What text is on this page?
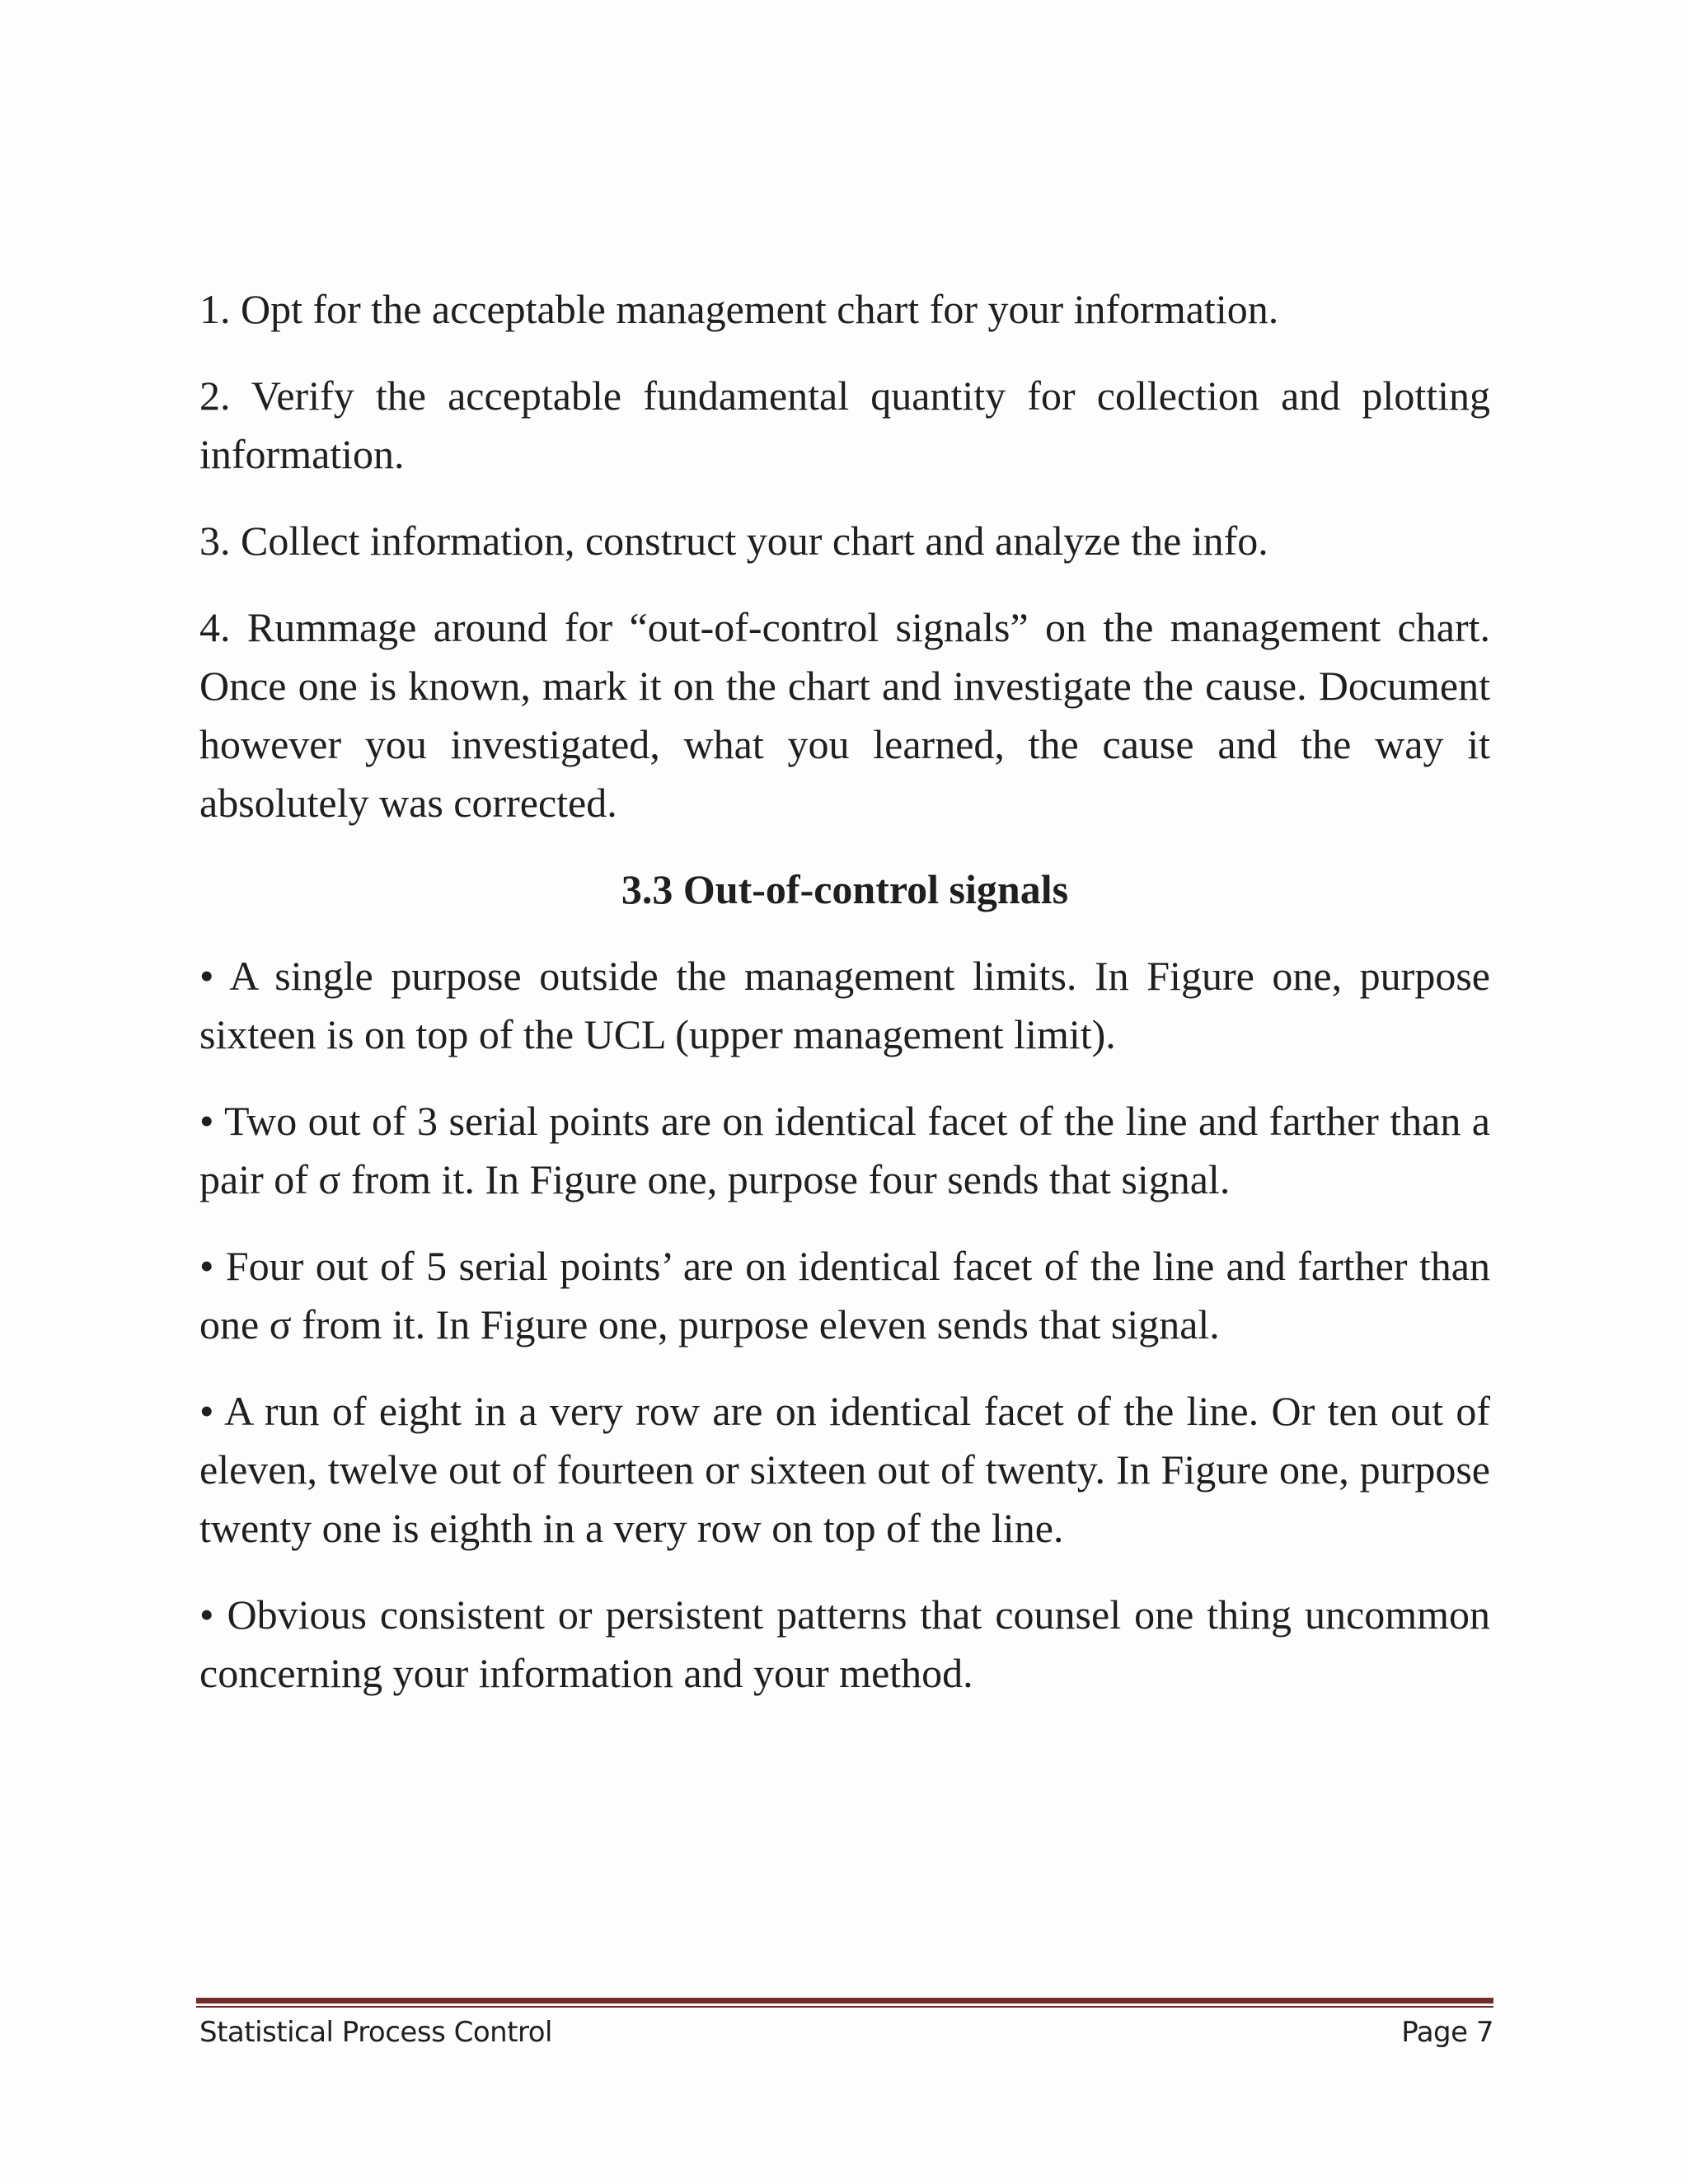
1. Opt for the acceptable management chart for your information.

2. Verify the acceptable fundamental quantity for collection and plotting information.

3. Collect information, construct your chart and analyze the info.

4. Rummage around for “out-of-control signals” on the management chart. Once one is known, mark it on the chart and investigate the cause. Document however you investigated, what you learned, the cause and the way it absolutely was corrected.

3.3 Out-of-control signals

• A single purpose outside the management limits. In Figure one, purpose sixteen is on top of the UCL (upper management limit).

• Two out of 3 serial points are on identical facet of the line and farther than a pair of σ from it. In Figure one, purpose four sends that signal.

• Four out of 5 serial points’ are on identical facet of the line and farther than one σ from it. In Figure one, purpose eleven sends that signal.

• A run of eight in a very row are on identical facet of the line. Or ten out of eleven, twelve out of fourteen or sixteen out of twenty. In Figure one, purpose twenty one is eighth in a very row on top of the line.

• Obvious consistent or persistent patterns that counsel one thing uncommon concerning your information and your method.

Statistical Process Control	Page 7
